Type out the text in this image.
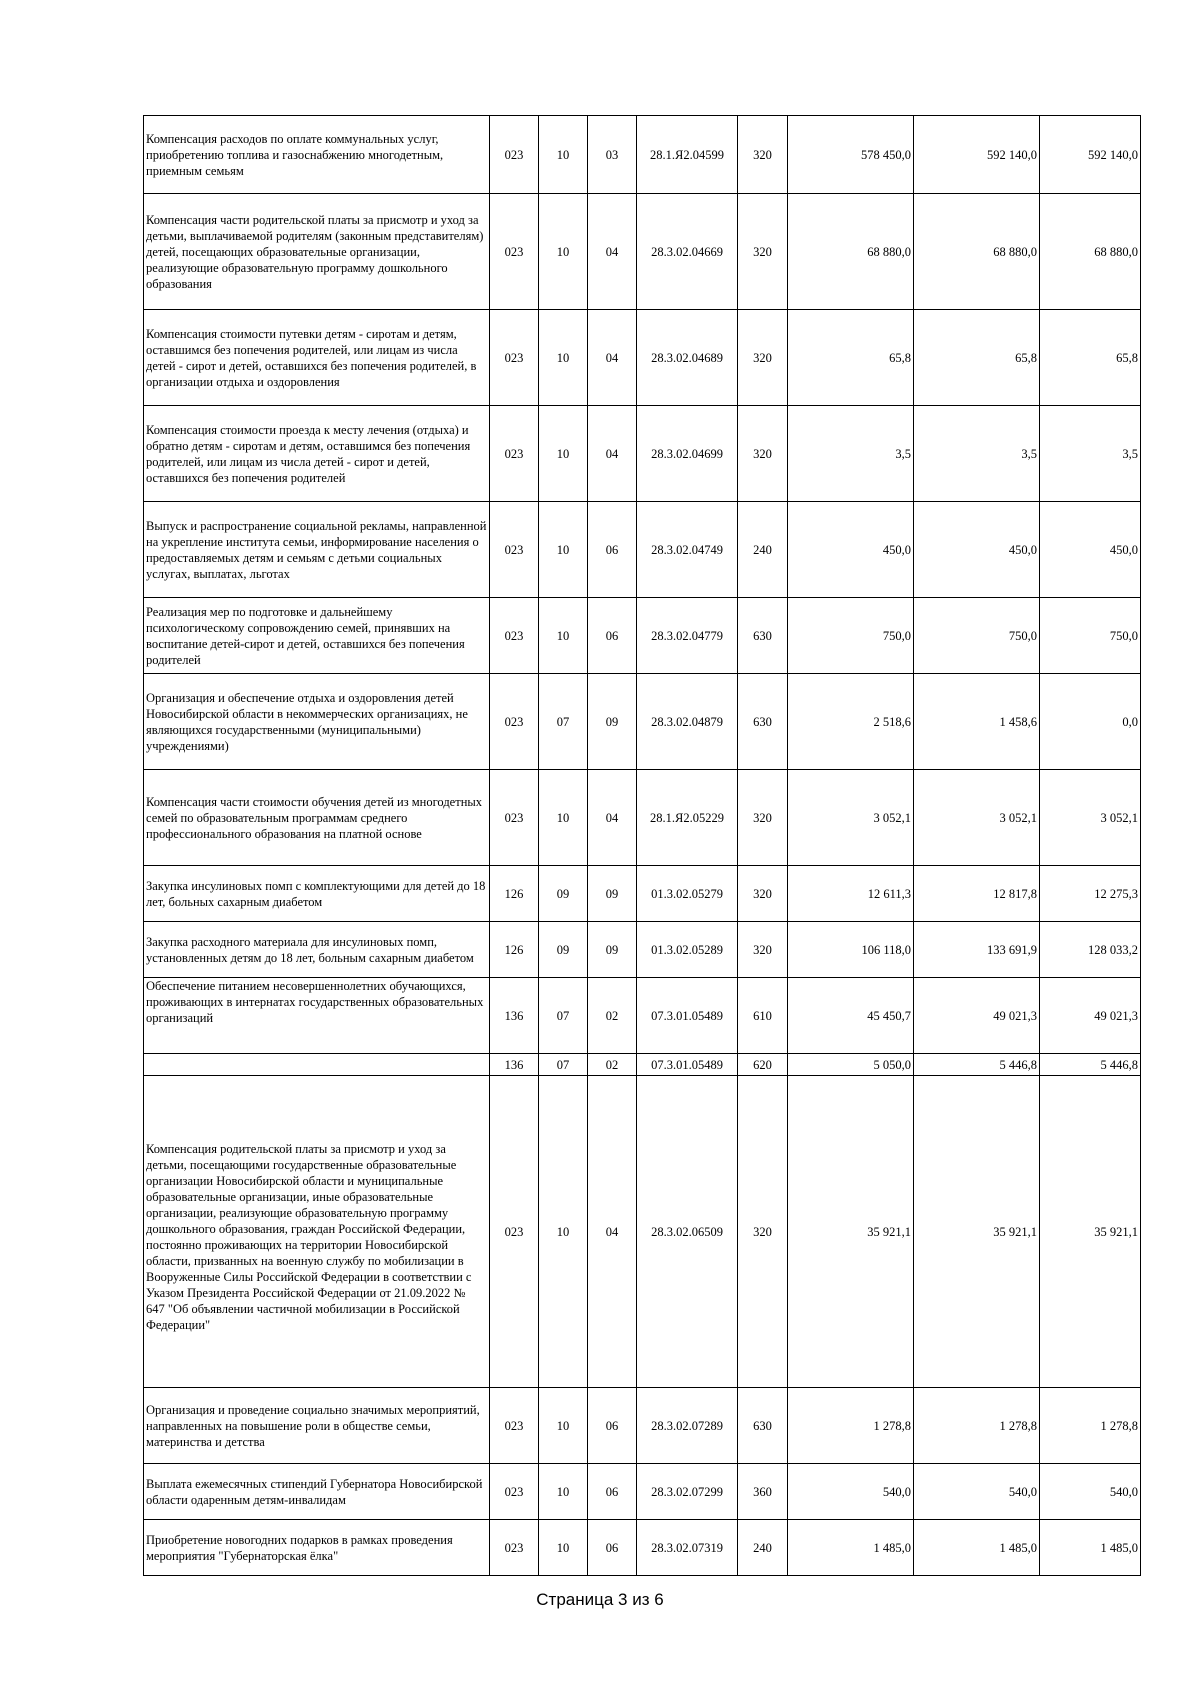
Компенсация расходов по оплате коммунальных услуг, приобретению топлива и газоснабжению многодетным, приемным семьям	023	10	03	28.1.Я2.04599	320	578 450,0	592 140,0	592 140,0
Компенсация части родительской платы за присмотр и уход за детьми, выплачиваемой родителям (законным представителям) детей, посещающих образовательные организации, реализующие образовательную программу дошкольного образования	023	10	04	28.3.02.04669	320	68 880,0	68 880,0	68 880,0
Компенсация стоимости путевки детям - сиротам и детям, оставшимся без попечения родителей, или лицам из числа детей - сирот и детей, оставшихся без попечения родителей, в организации отдыха и оздоровления	023	10	04	28.3.02.04689	320	65,8	65,8	65,8
Компенсация стоимости проезда к месту лечения (отдыха) и обратно детям - сиротам и детям, оставшимся без попечения родителей, или лицам из числа детей - сирот и детей, оставшихся без попечения родителей	023	10	04	28.3.02.04699	320	3,5	3,5	3,5
Выпуск и распространение социальной рекламы, направленной на укрепление института семьи, информирование населения о предоставляемых детям и семьям с детьми социальных услугах, выплатах, льготах	023	10	06	28.3.02.04749	240	450,0	450,0	450,0
Реализация мер по подготовке и дальнейшему психологическому сопровождению семей, принявших на воспитание детей-сирот и детей, оставшихся без попечения родителей	023	10	06	28.3.02.04779	630	750,0	750,0	750,0
Организация и обеспечение отдыха и оздоровления детей Новосибирской области в некоммерческих организациях, не являющихся государственными (муниципальными) учреждениями)	023	07	09	28.3.02.04879	630	2 518,6	1 458,6	0,0
Компенсация части стоимости обучения детей из многодетных семей по образовательным программам среднего профессионального образования на платной основе	023	10	04	28.1.Я2.05229	320	3 052,1	3 052,1	3 052,1
Закупка инсулиновых помп с комплектующими для детей до 18 лет, больных сахарным диабетом	126	09	09	01.3.02.05279	320	12 611,3	12 817,8	12 275,3
Закупка расходного материала для инсулиновых помп, установленных детям до 18 лет, больным сахарным диабетом	126	09	09	01.3.02.05289	320	106 118,0	133 691,9	128 033,2
Обеспечение питанием несовершеннолетних обучающихся, проживающих в интернатах государственных образовательных организаций	136	07	02	07.3.01.05489	610	45 450,7	49 021,3	49 021,3
	136	07	02	07.3.01.05489	620	5 050,0	5 446,8	5 446,8
Компенсация родительской платы за присмотр и уход за детьми, посещающими государственные образовательные организации Новосибирской области и муниципальные образовательные организации, иные образовательные организации, реализующие образовательную программу дошкольного образования, граждан Российской Федерации, постоянно проживающих на территории Новосибирской области, призванных на военную службу по мобилизации в Вооруженные Силы Российской Федерации в соответствии с Указом Президента Российской Федерации от 21.09.2022 № 647 "Об объявлении частичной мобилизации в Российской Федерации"	023	10	04	28.3.02.06509	320	35 921,1	35 921,1	35 921,1
Организация и проведение социально значимых мероприятий, направленных на повышение роли в обществе семьи, материнства и детства	023	10	06	28.3.02.07289	630	1 278,8	1 278,8	1 278,8
Выплата ежемесячных стипендий Губернатора Новосибирской области одаренным детям-инвалидам	023	10	06	28.3.02.07299	360	540,0	540,0	540,0
Приобретение новогодних подарков в рамках проведения мероприятия "Губернаторская ёлка"	023	10	06	28.3.02.07319	240	1 485,0	1 485,0	1 485,0
Страница 3 из 6
